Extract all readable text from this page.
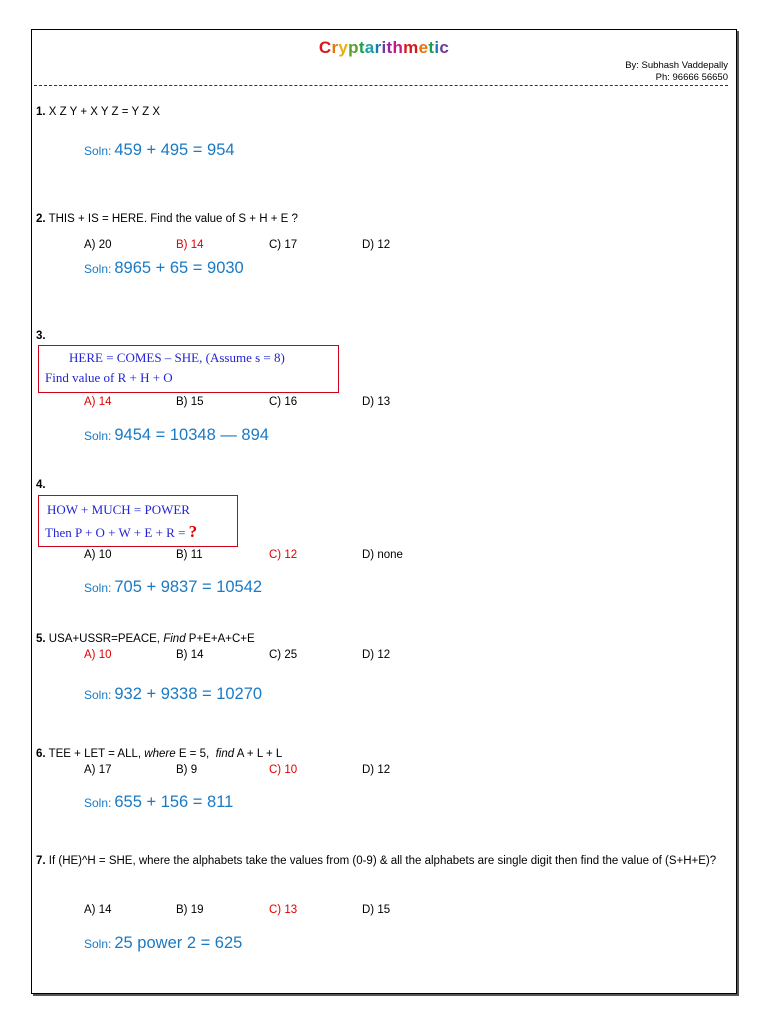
Cryptarithmetic
By: Subhash Vaddepally
Ph: 96666 56650
1. X Z Y + X Y Z = Y Z X
Soln: 459 + 495 = 954
2. THIS + IS = HERE. Find the value of S + H + E ?
A) 20	B) 14	C) 17	D) 12
Soln: 8965 + 65 = 9030
3.
HERE = COMES – SHE, (Assume s = 8)
Find value of R + H + O
A) 14	B) 15	C) 16	D) 13
Soln: 9454 = 10348 — 894
4.
HOW + MUCH = POWER
Then P + O + W + E + R = ?
A) 10	B) 11	C) 12	D) none
Soln: 705 + 9837 = 10542
5. USA+USSR=PEACE, Find P+E+A+C+E
A) 10	B) 14	C) 25	D) 12
Soln: 932 + 9338 = 10270
6. TEE + LET = ALL, where E = 5, find A + L + L
A) 17	B) 9	C) 10	D) 12
Soln: 655 + 156 = 811
7. If (HE)^H = SHE, where the alphabets take the values from (0-9) & all the alphabets are single digit then find the value of (S+H+E)?
A) 14	B) 19	C) 13	D) 15
Soln: 25 power 2 = 625
